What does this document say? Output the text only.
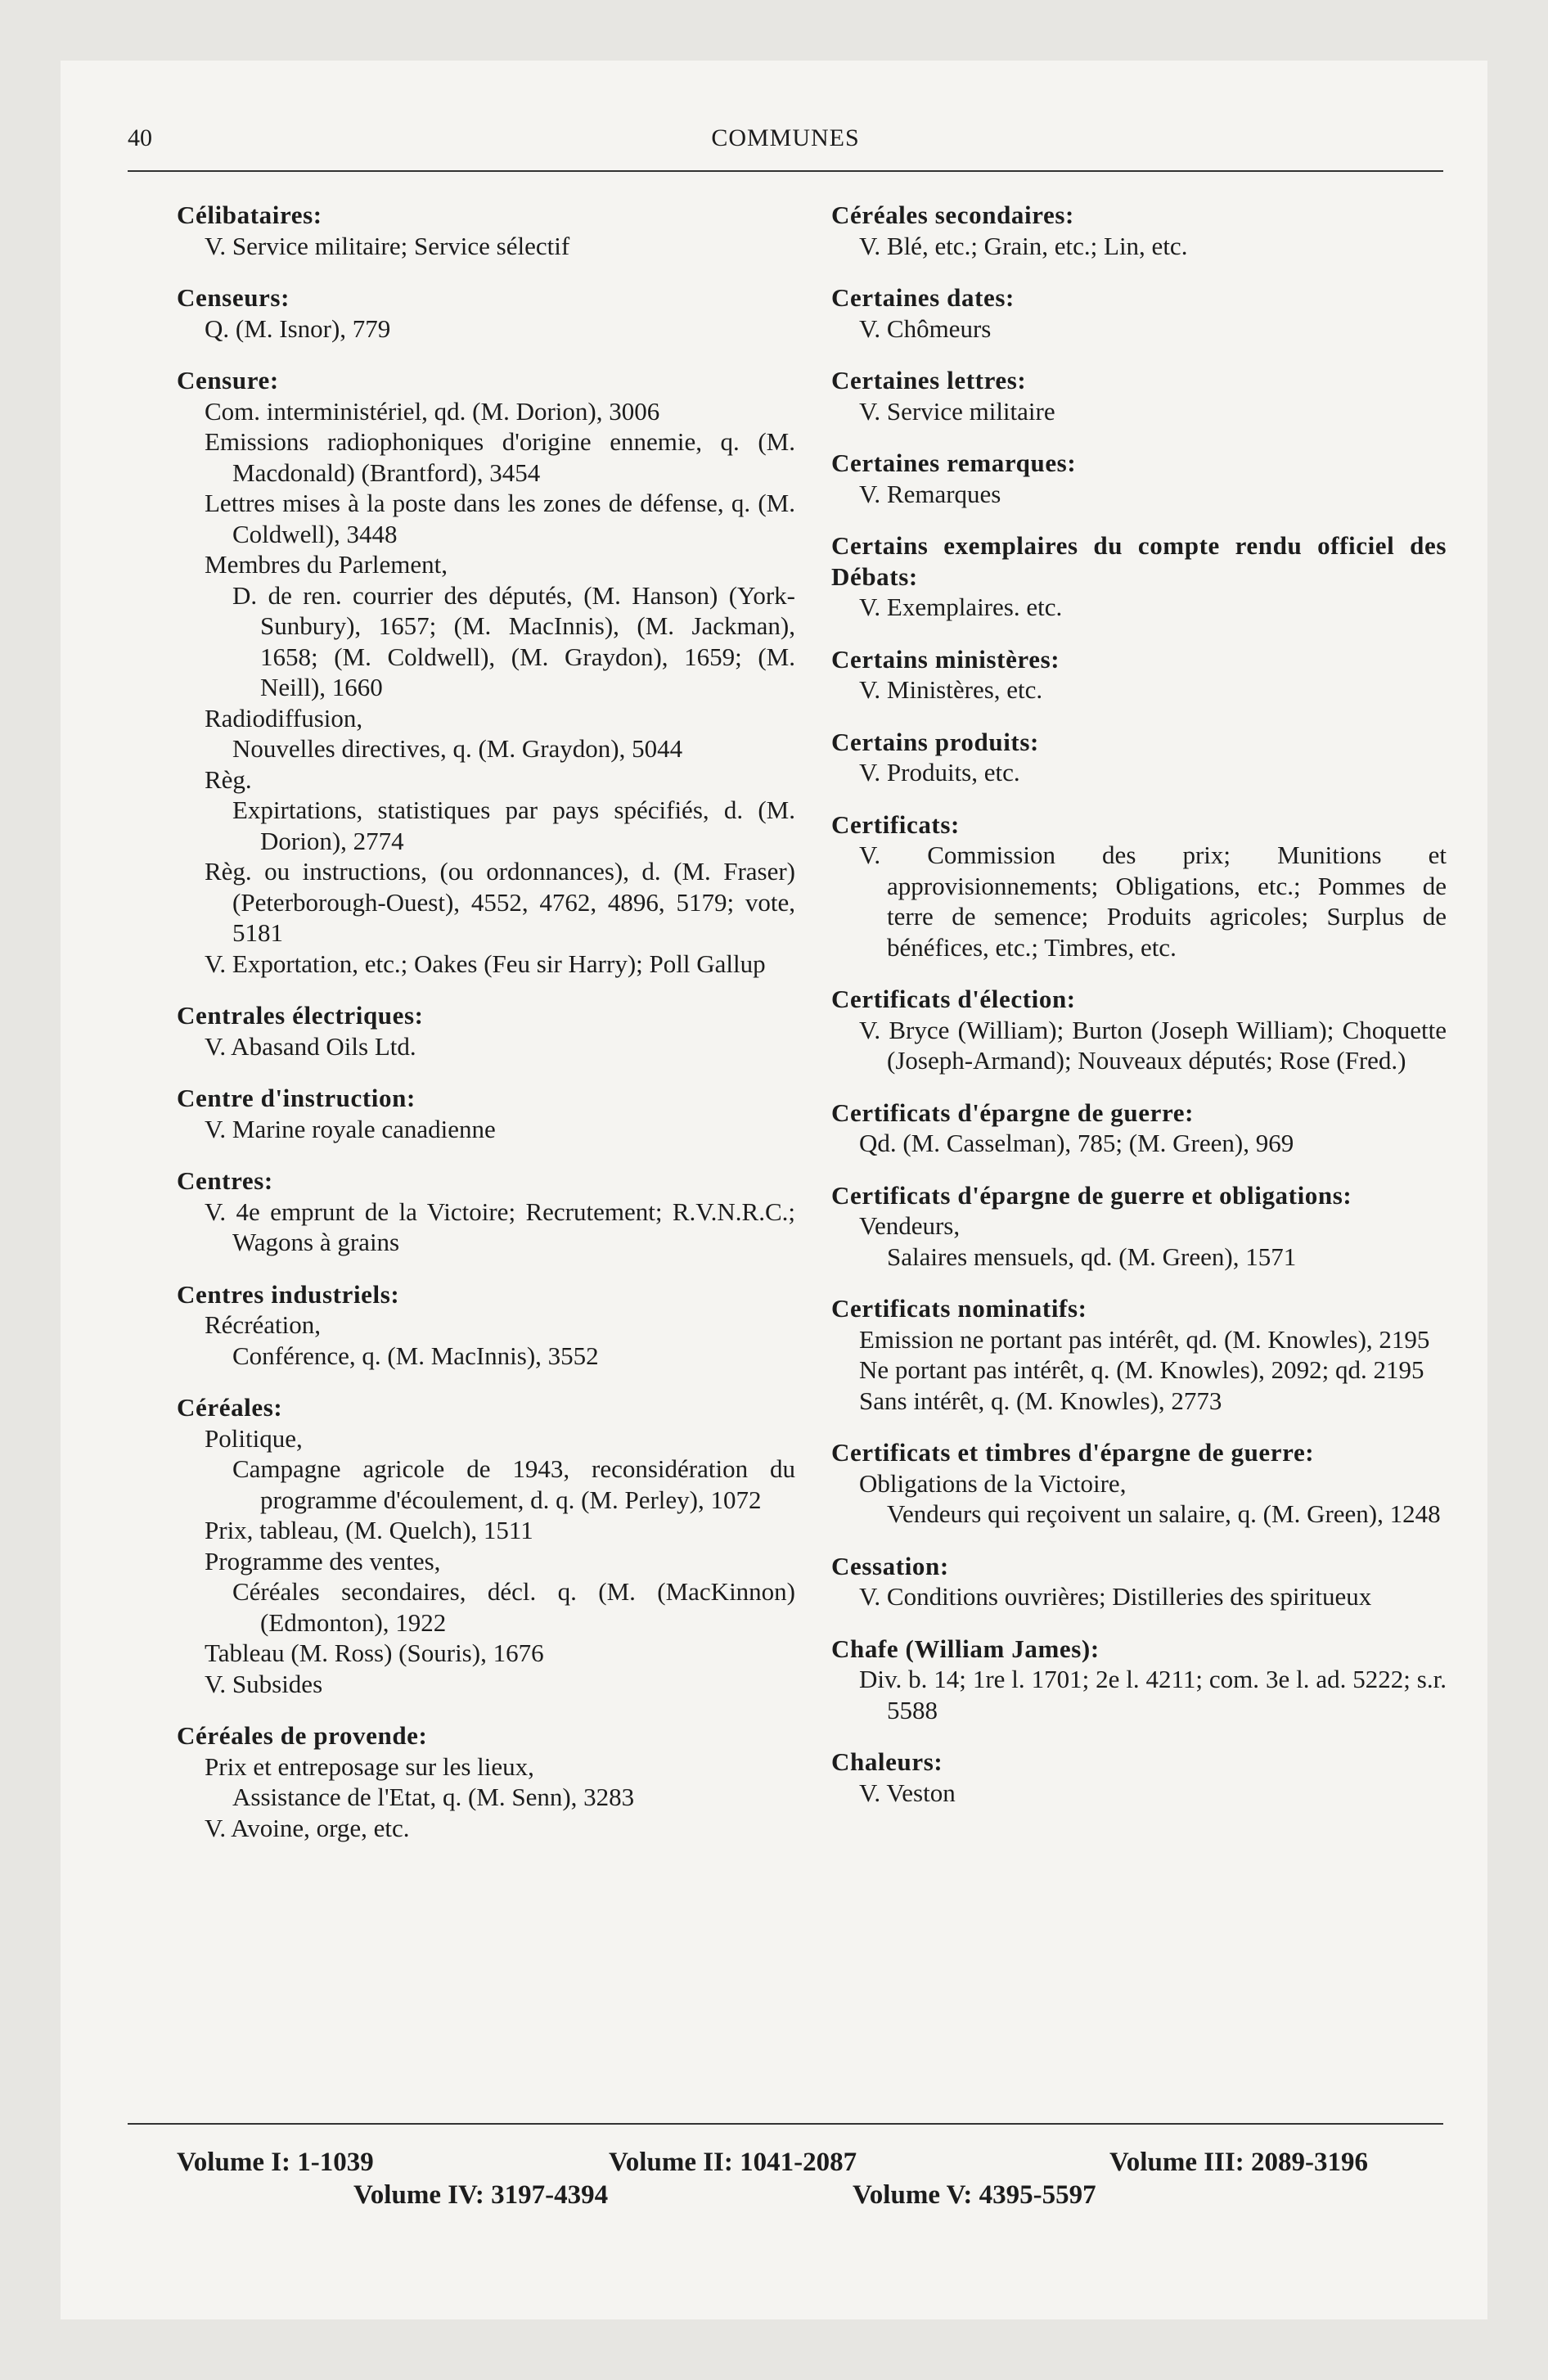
40	COMMUNES
Célibataires:
V. Service militaire; Service sélectif
Censeurs:
Q. (M. Isnor), 779
Censure:
Com. interministériel, qd. (M. Dorion), 3006
Emissions radiophoniques d'origine ennemie, q. (M. Macdonald) (Brantford), 3454
Lettres mises à la poste dans les zones de défense, q. (M. Coldwell), 3448
Membres du Parlement,
D. de ren. courrier des députés, (M. Hanson) (York-Sunbury), 1657; (M. MacInnis), (M. Jackman), 1658; (M. Coldwell), (M. Graydon), 1659; (M. Neill), 1660
Radiodiffusion,
Nouvelles directives, q. (M. Graydon), 5044
Règ.
Expirtations, statistiques par pays spécifiés, d. (M. Dorion), 2774
Règ. ou instructions, (ou ordonnances), d. (M. Fraser) (Peterborough-Ouest), 4552, 4762, 4896, 5179; vote, 5181
V. Exportation, etc.; Oakes (Feu sir Harry); Poll Gallup
Centrales électriques:
V. Abasand Oils Ltd.
Centre d'instruction:
V. Marine royale canadienne
Centres:
V. 4e emprunt de la Victoire; Recrutement; R.V.N.R.C.; Wagons à grains
Centres industriels:
Récréation,
Conférence, q. (M. MacInnis), 3552
Céréales:
Politique,
Campagne agricole de 1943, reconsidération du programme d'écoulement, d. q. (M. Perley), 1072
Prix, tableau, (M. Quelch), 1511
Programme des ventes,
Céréales secondaires, décl. q. (M. (MacKinnon) (Edmonton), 1922
Tableau (M. Ross) (Souris), 1676
V. Subsides
Céréales de provende:
Prix et entreposage sur les lieux,
Assistance de l'Etat, q. (M. Senn), 3283
V. Avoine, orge, etc.
Céréales secondaires:
V. Blé, etc.; Grain, etc.; Lin, etc.
Certaines dates:
V. Chômeurs
Certaines lettres:
V. Service militaire
Certaines remarques:
V. Remarques
Certains exemplaires du compte rendu officiel des Débats:
V. Exemplaires. etc.
Certains ministères:
V. Ministères, etc.
Certains produits:
V. Produits, etc.
Certificats:
V. Commission des prix; Munitions et approvisionnements; Obligations, etc.; Pommes de terre de semence; Produits agricoles; Surplus de bénéfices, etc.; Timbres, etc.
Certificats d'élection:
V. Bryce (William); Burton (Joseph William); Choquette (Joseph-Armand); Nouveaux députés; Rose (Fred.)
Certificats d'épargne de guerre:
Qd. (M. Casselman), 785; (M. Green), 969
Certificats d'épargne de guerre et obligations:
Vendeurs,
Salaires mensuels, qd. (M. Green), 1571
Certificats nominatifs:
Emission ne portant pas intérêt, qd. (M. Knowles), 2195
Ne portant pas intérêt, q. (M. Knowles), 2092; qd. 2195
Sans intérêt, q. (M. Knowles), 2773
Certificats et timbres d'épargne de guerre:
Obligations de la Victoire,
Vendeurs qui reçoivent un salaire, q. (M. Green), 1248
Cessation:
V. Conditions ouvrières; Distilleries des spiritueux
Chafe (William James):
Div. b. 14; 1re l. 1701; 2e l. 4211; com. 3e l. ad. 5222; s.r. 5588
Chaleurs:
V. Veston
Volume I: 1-1039	Volume II: 1041-2087	Volume III: 2089-3196
Volume IV: 3197-4394	Volume V: 4395-5597
